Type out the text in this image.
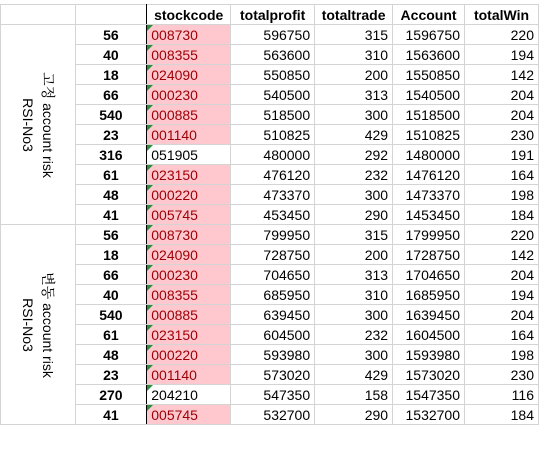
		stockcode	totalprofit	totaltrade	Account	totalWin

고정 account risk
RSI-No3	56	008730	596750	315	1596750	220
	40	008355	563600	310	1563600	194
	18	024090	550850	200	1550850	142
	66	000230	540500	313	1540500	204
	540	000885	518500	300	1518500	204
	23	001140	510825	429	1510825	230
	316	051905	480000	292	1480000	191
	61	023150	476120	232	1476120	164
	48	000220	473370	300	1473370	198
	41	005745	453450	290	1453450	184

변동 account risk
RSI-No3	56	008730	799950	315	1799950	220
	18	024090	728750	200	1728750	142
	66	000230	704650	313	1704650	204
	40	008355	685950	310	1685950	194
	540	000885	639450	300	1639450	204
	61	023150	604500	232	1604500	164
	48	000220	593980	300	1593980	198
	23	001140	573020	429	1573020	230
	270	204210	547350	158	1547350	116
	41	005745	532700	290	1532700	184
